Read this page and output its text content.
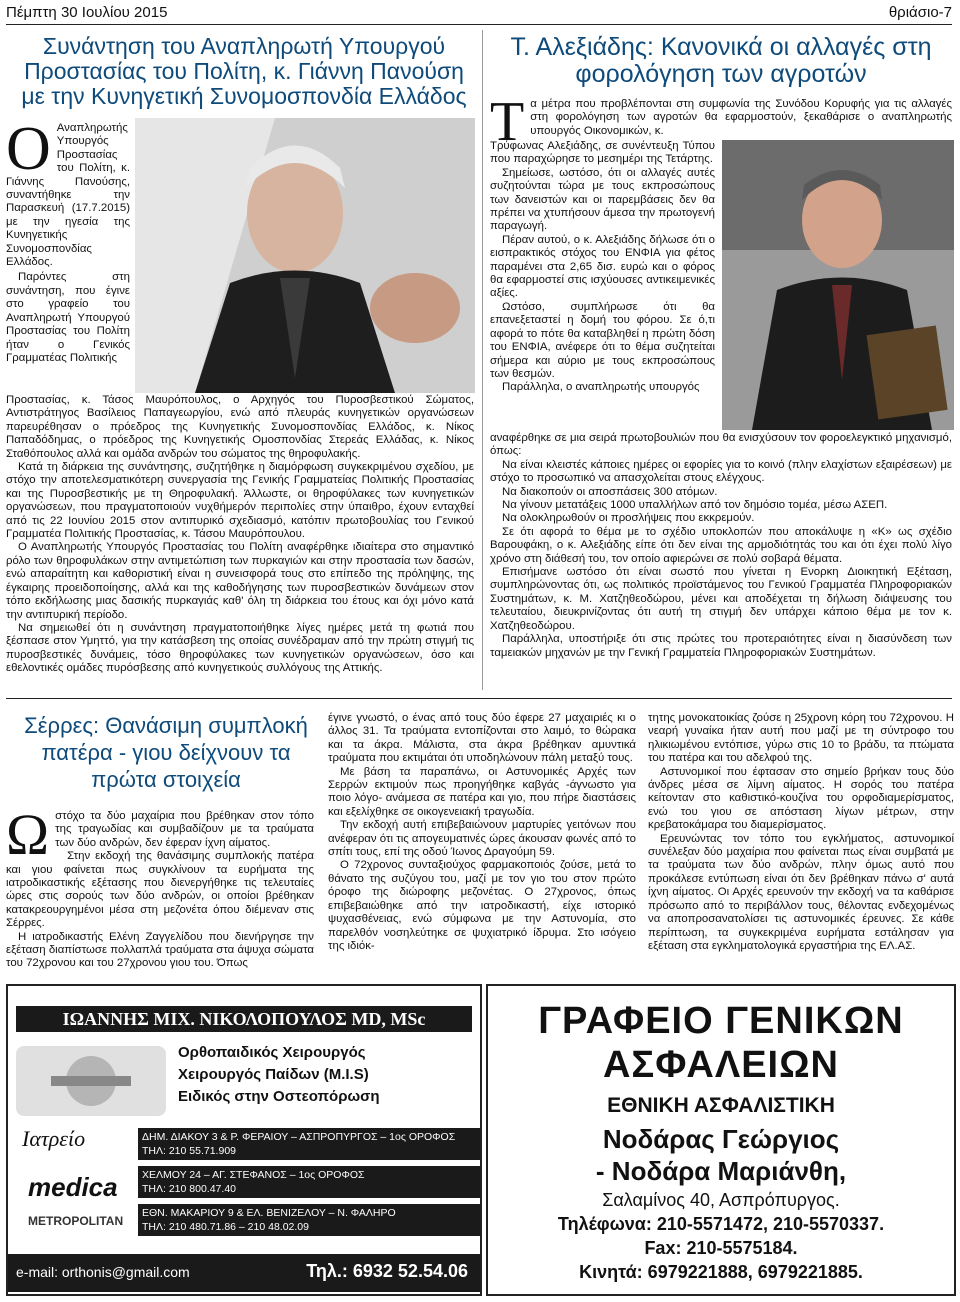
Πέμπτη 30 Ιουλίου 2015	θριάσιο-7
Συνάντηση του Αναπληρωτή Υπουργού Προστασίας του Πολίτη, κ. Γιάννη Πανούση με την Κυνηγετική Συνομοσπονδία Ελλάδος
Ο Αναπληρωτής Υπουργός Προστασίας του Πολίτη, κ. Γιάννης Πανούσης, συναντήθηκε την Παρασκευή (17.7.2015) με την ηγεσία της Κυνηγετικής Συνομοσπονδίας Ελλάδος.

Παρόντες στη συνάντηση, που έγινε στο γραφείο του Αναπληρωτή Υπουργού Προστασίας του Πολίτη ήταν ο Γενικός Γραμματέας Πολιτικής

Προστασίας, κ. Τάσος Μαυρόπουλος, ο Αρχηγός του Πυροσβεστικού Σώματος, Αντιστράτηγος Βασίλειος Παπαγεωργίου, ενώ από πλευράς κυνηγετικών οργανώσεων παρευρέθησαν ο πρόεδρος της Κυνηγετικής Συνομοσπονδίας Ελλάδος, κ. Νίκος Παπαδόδημας, ο πρόεδρος της Κυνηγετικής Ομοσπονδίας Στερεάς Ελλάδας, κ. Νίκος Σταθόπουλος αλλά και ομάδα ανδρών του σώματος της θηροφυλακής.

Κατά τη διάρκεια της συνάντησης, συζητήθηκε η διαμόρφωση συγκεκριμένου σχεδίου, με στόχο την αποτελεσματικότερη συνεργασία της Γενικής Γραμματείας Πολιτικής Προστασίας και της Πυροσβεστικής με τη Θηροφυλακή. Άλλωστε, οι θηροφύλακες των κυνηγετικών οργανώσεων, που πραγματοποιούν νυχθήμερόν περιπολίες στην ύπαιθρο, έχουν ενταχθεί από τις 22 Ιουνίου 2015 στον αντιπυρικό σχεδιασμό, κατόπιν πρωτοβουλίας του Γενικού Γραμματέα Πολιτικής Προστασίας, κ. Τάσου Μαυρόπουλου.

Ο Αναπληρωτής Υπουργός Προστασίας του Πολίτη αναφέρθηκε ιδιαίτερα στο σημαντικό ρόλο των θηροφυλάκων στην αντιμετώπιση των πυρκαγιών και στην προστασία των δασών, ενώ απαραίτητη και καθοριστική είναι η συνεισφορά τους στο επίπεδο της πρόληψης, της έγκαιρης προειδοποίησης, αλλά και της καθοδήγησης των πυροσβεστικών δυνάμεων στον τόπο εκδήλωσης μιας δασικής πυρκαγιάς καθ' όλη τη διάρκεια του έτους και όχι μόνο κατά την αντιπυρική περίοδο.

Να σημειωθεί ότι η συνάντηση πραγματοποιήθηκε λίγες ημέρες μετά τη φωτιά που ξέσπασε στον Υμηττό, για την κατάσβεση της οποίας συνέδραμαν από την πρώτη στιγμή τις πυροσβεστικές δυνάμεις, τόσο θηροφύλακες των κυνηγετικών οργανώσεων, όσο και εθελοντικές ομάδες πυρόσβεσης από κυνηγετικούς συλλόγους της Αττικής.

Τ. Αλεξιάδης: Κανονικά οι αλλαγές στη φορολόγηση των αγροτών
Τα μέτρα που προβλέπονται στη συμφωνία της Συνόδου Κορυφής για τις αλλαγές στη φορολόγηση των αγροτών θα εφαρμοστούν, ξεκαθάρισε ο αναπληρωτής υπουργός Οικονομικών, κ.

Τρύφωνας Αλεξιάδης, σε συνέντευξη Τύπου που παραχώρησε το μεσημέρι της Τετάρτης.

Σημείωσε, ωστόσο, ότι οι αλλαγές αυτές συζητούνται τώρα με τους εκπροσώπους των δανειστών και οι παρεμβάσεις δεν θα πρέπει να χτυπήσουν άμεσα την πρωτογενή παραγωγή.

Πέραν αυτού, ο κ. Αλεξιάδης δήλωσε ότι ο εισπρακτικός στόχος του ΕΝΦΙΑ για φέτος παραμένει στα 2,65 δισ. ευρώ και ο φόρος θα εφαρμοστεί στις ισχύουσες αντικειμενικές αξίες.

Ωστόσο, συμπλήρωσε ότι θα επανεξεταστεί η δομή του φόρου. Σε ό,τι αφορά το πότε θα καταβληθεί η πρώτη δόση του ΕΝΦΙΑ, ανέφερε ότι το θέμα συζητείται σήμερα και αύριο με τους εκπροσώπους των θεσμών.

Παράλληλα, ο αναπληρωτής υπουργός

αναφέρθηκε σε μια σειρά πρωτοβουλιών που θα ενισχύσουν τον φοροελεγκτικό μηχανισμό, όπως:

Να είναι κλειστές κάποιες ημέρες οι εφορίες για το κοινό (πλην ελαχίστων εξαιρέσεων) με στόχο το προσωπικό να απασχολείται στους ελέγχους.

Να διακοπούν οι αποσπάσεις 300 ατόμων.

Να γίνουν μετατάξεις 1000 υπαλλήλων από τον δημόσιο τομέα, μέσω ΑΣΕΠ.

Να ολοκληρωθούν οι προσλήψεις που εκκρεμούν.

Σε ότι αφορά το θέμα με το σχέδιο υποκλοπών που αποκάλυψε η «Κ» ως σχέδιο Βαρουφάκη, ο κ. Αλεξιάδης είπε ότι δεν είναι της αρμοδιότητάς του και ότι έχει πολύ λίγο χρόνο στη διάθεσή του, τον οποίο αφιερώνει σε πολύ σοβαρά θέματα.

Επισήμανε ωστόσο ότι είναι σωστό που γίνεται η Ενορκη Διοικητική Εξέταση, συμπληρώνοντας ότι, ως πολιτικός προϊστάμενος του Γενικού Γραμματέα Πληροφοριακών Συστημάτων, κ. Μ. Χατζηθεοδώρου, μένει και αποδέχεται τη δήλωση διάψευσης του τελευταίου, διευκρινίζοντας ότι αυτή τη στιγμή δεν υπάρχει κάποιο θέμα με τον κ. Χατζηθεοδώρου.

Παράλληλα, υποστήριξε ότι στις πρώτες του προτεραιότητες είναι η διασύνδεση των ταμειακών μηχανών με την Γενική Γραμματεία Πληροφοριακών Συστημάτων.

Σέρρες: Θανάσιμη συμπλοκή πατέρα - γιου δείχνουν τα πρώτα στοιχεία
Ωστόχο τα δύο μαχαίρια που βρέθηκαν στον τόπο της τραγωδίας και συμβαδίζουν με τα τραύματα των δύο ανδρών, δεν έφεραν ίχνη αίματος.

Στην εκδοχή της θανάσιμης συμπλοκής πατέρα και γιου φαίνεται πως συγκλίνουν τα ευρήματα της ιατροδικαστικής εξέτασης που διενεργήθηκε τις τελευταίες ώρες στις σορούς των δύο ανδρών, οι οποίοι βρέθηκαν κατακρεουργημένοι μέσα στη μεζονέτα όπου διέμεναν στις Σέρρες.

Η ιατροδικαστής Ελένη Ζαγγελίδου που διενήργησε την εξέταση διαπίστωσε πολλαπλά τραύματα στα άψυχα σώματα του 72χρονου και του 27χρονου γιου του. Όπως

έγινε γνωστό, ο ένας από τους δύο έφερε 27 μαχαιριές κι ο άλλος 31. Τα τραύματα εντοπίζονται στο λαιμό, το θώρακα και τα άκρα. Μάλιστα, στα άκρα βρέθηκαν αμυντικά τραύματα που εκτιμάται ότι υποδηλώνουν πάλη μεταξύ τους.

Με βάση τα παραπάνω, οι Αστυνομικές Αρχές των Σερρών εκτιμούν πως προηγήθηκε καβγάς -άγνωστο για ποιο λόγο- ανάμεσα σε πατέρα και γιο, που πήρε διαστάσεις και εξελίχθηκε σε οικογενειακή τραγωδία.

Την εκδοχή αυτή επιβεβαιώνουν μαρτυρίες γειτόνων που ανέφεραν ότι τις απογευματινές ώρες άκουσαν φωνές από το σπίτι τους, επί της οδού Ίωνος Δραγούμη 59.

Ο 72χρονος συνταξιούχος φαρμακοποιός ζούσε, μετά το θάνατο της συζύγου του, μαζί με τον γιο του στον πρώτο όροφο της διώροφης μεζονέτας. Ο 27χρονος, όπως επιβεβαιώθηκε από την ιατροδικαστή, είχε ιστορικό ψυχασθένειας, ενώ σύμφωνα με την Αστυνομία, στο παρελθόν νοσηλεύτηκε σε ψυχιατρικό ίδρυμα. Στο ισόγειο της ιδιόκ-

τητης μονοκατοικίας ζούσε η 25χρονη κόρη του 72χρονου. Η νεαρή γυναίκα ήταν αυτή που μαζί με τη σύντροφο του ηλικιωμένου εντόπισε, γύρω στις 10 το βράδυ, τα πτώματα του πατέρα και του αδελφού της.

Αστυνομικοί που έφτασαν στο σημείο βρήκαν τους δύο άνδρες μέσα σε λίμνη αίματος. Η σορός του πατέρα κείτονταν στο καθιστικό-κουζίνα του ορφοδιαμερίσματος, ενώ του γιου σε απόσταση λίγων μέτρων, στην κρεβατοκάμαρα του διαμερίσματος.

Ερευνώντας τον τόπο του εγκλήματος, αστυνομικοί συνέλεξαν δύο μαχαίρια που φαίνεται πως είναι συμβατά με τα τραύματα των δύο ανδρών, πλην όμως αυτό που προκάλεσε εντύπωση είναι ότι δεν βρέθηκαν πάνω σ' αυτά ίχνη αίματος. Οι Αρχές ερευνούν την εκδοχή να τα καθάρισε πρόσωπο από το περιβάλλον τους, θέλοντας ενδεχομένως να αποπροσανατολίσει τις αστυνομικές έρευνες. Σε κάθε περίπτωση, τα συγκεκριμένα ευρήματα εστάλησαν για εξέταση στα εγκληματολογικά εργαστήρια της ΕΛ.ΑΣ.

ΙΩΑΝΝΗΣ ΜΙΧ. ΝΙΚΟΛΟΠΟΥΛΟΣ MD, MSc
Ορθοπαιδικός Χειρουργός
Χειρουργός Παίδων (M.I.S)
Ειδικός στην Οστεοπόρωση
Ιατρείο	ΔΗΜ. ΔΙΑΚΟΥ 3 & Ρ. ΦΕΡΑΙΟΥ – ΑΣΠΡΟΠΥΡΓΟΣ – 1ος ΟΡΟΦΟΣ
ΤΗΛ: 210 55.71.909
ΧΕΛΜΟΥ 24 – ΑΓ. ΣΤΕΦΑΝΟΣ – 1ος ΟΡΟΦΟΣ
ΤΗΛ: 210 800.47.40
ΕΘΝ. ΜΑΚΑΡΙΟΥ 9 & ΕΛ. ΒΕΝΙΖΕΛΟΥ – Ν. ΦΑΛΗΡΟ
ΤΗΛ: 210 480.71.86 – 210 48.02.09
medica
METROPOLITAN
e-mail: orthonis@gmail.com	Τηλ.: 6932 52.54.06
ΓΡΑΦΕΙΟ ΓΕΝΙΚΩΝ
ΑΣΦΑΛΕΙΩΝ
ΕΘΝΙΚΗ ΑΣΦΑΛΙΣΤΙΚΗ
Νοδάρας Γεώργιος
- Νοδάρα Μαριάνθη,
Σαλαμίνος 40, Ασπρόπυργος.
Τηλέφωνα: 210-5571472, 210-5570337.
Fax: 210-5575184.
Κινητά: 6979221888, 6979221885.
